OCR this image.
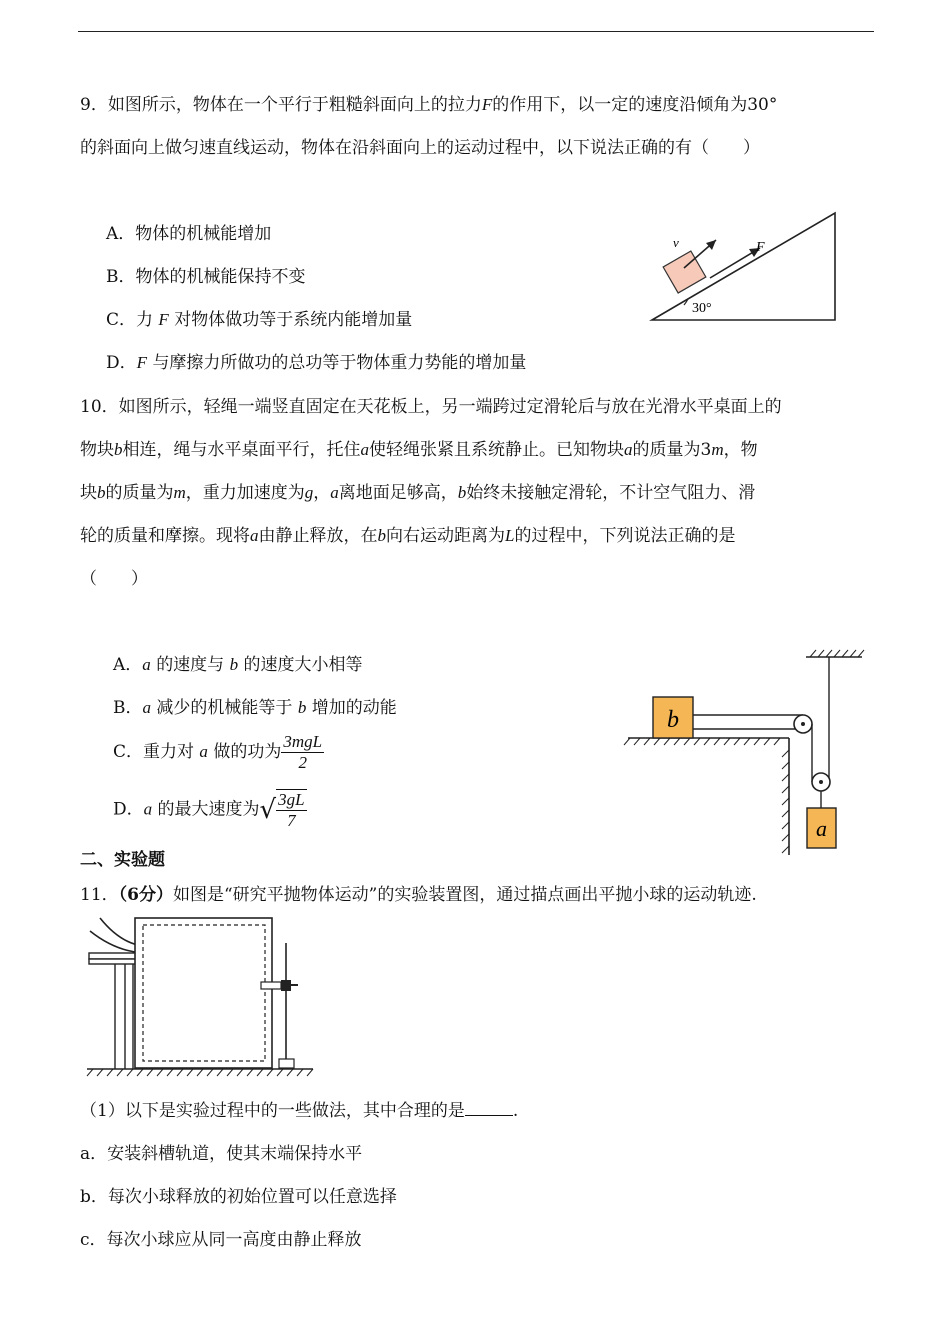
9．如图所示，物体在一个平行于粗糙斜面向上的拉力F的作用下，以一定的速度沿倾角为30°
的斜面向上做匀速直线运动，物体在沿斜面向上的运动过程中，以下说法正确的有（　　）
A．物体的机械能增加
B．物体的机械能保持不变
C．力 F 对物体做功等于系统内能增加量
D．F 与摩擦力所做功的总功等于物体重力势能的增加量
v	F
30°
10．如图所示，轻绳一端竖直固定在天花板上，另一端跨过定滑轮后与放在光滑水平桌面上的
物块b相连，绳与水平桌面平行，托住a使轻绳张紧且系统静止。已知物块a的质量为3m，物
块b的质量为m，重力加速度为g，a离地面足够高，b始终未接触定滑轮，不计空气阻力、滑
轮的质量和摩擦。现将a由静止释放，在b向右运动距离为L的过程中，下列说法正确的是
（　　）
A．a 的速度与 b 的速度大小相等
B．a 减少的机械能等于 b 增加的动能
C．重力对 a 做的功为 $\frac{\text{3mgL}}{2}$
D．a 的最大速度为√ $\frac{3gL}{7}$
b
a
二、实验题
11．（6分）如图是“研究平抛物体运动”的实验装置图，通过描点画出平抛小球的运动轨迹.
（1）以下是实验过程中的一些做法，其中合理的是	.
a．安装斜槽轨道，使其末端保持水平
b．每次小球释放的初始位置可以任意选择
c．每次小球应从同一高度由静止释放
